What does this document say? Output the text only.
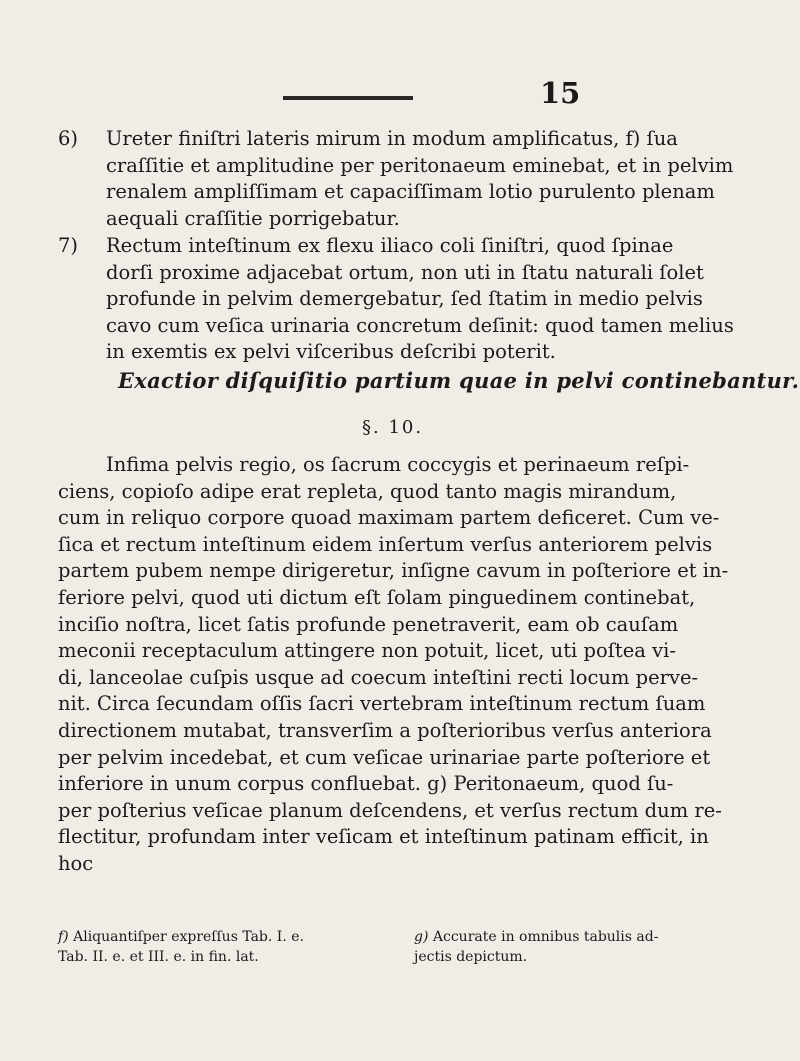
15

6) Ureter finiſtri lateris mirum in modum amplificatus, f) ſua
craſſitie et amplitudine per peritonaeum eminebat, et in pelvim
renalem ampliſſimam et capaciſſimam lotio purulento plenam
aequali craſſitie porrigebatur.

7) Rectum inteſtinum ex flexu iliaco coli ſiniſtri, quod ſpinae
dorſi proxime adjacebat ortum, non uti in ſtatu naturali ſolet
profunde in pelvim demergebatur, ſed ſtatim in medio pelvis
cavo cum veſica urinaria concretum deſinit: quod tamen melius
in exemtis ex pelvi viſceribus deſcribi poterit.

Exactior diſquiſitio partium quae in pelvi continebantur.
§. 10.

Infima pelvis regio, os ſacrum coccygis et perinaeum reſpi-
ciens, copioſo adipe erat repleta, quod tanto magis mirandum,
cum in reliquo corpore quoad maximam partem deficeret. Cum ve-
ſica et rectum inteſtinum eidem inſertum verſus anteriorem pelvis
partem pubem nempe dirigeretur, inſigne cavum in poſteriore et in-
feriore pelvi, quod uti dictum eſt ſolam pinguedinem continebat,
inciſio noſtra, licet ſatis profunde penetraverit, eam ob cauſam
meconii receptaculum attingere non potuit, licet, uti poſtea vi-
di, lanceolae cuſpis usque ad coecum inteſtini recti locum perve-
nit. Circa ſecundam oſſis ſacri vertebram inteſtinum rectum ſuam
directionem mutabat, transverſim a poſterioribus verſus anteriora
per pelvim incedebat, et cum veſicae urinariae parte poſteriore et
inferiore in unum corpus confluebat. g) Peritonaeum, quod ſu-
per poſterius veſicae planum deſcendens, et verſus rectum dum re-
flectitur, profundam inter veſicam et inteſtinum patinam efficit, in

hoc

f) Aliquantiſper expreſſus Tab. I. e.
Tab. II. e. et III. e. in fin. lat.
g) Accurate in omnibus tabulis ad-
jectis depictum.
